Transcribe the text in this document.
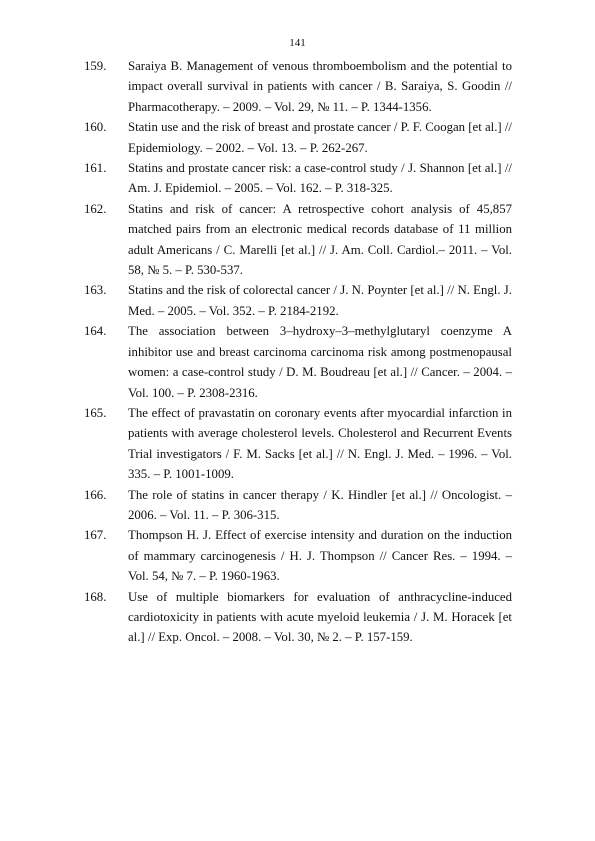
141
159.	Saraiya B. Management of venous thromboembolism and the potential to impact overall survival in patients with cancer / B. Saraiya, S. Goodin // Pharmacotherapy. – 2009. – Vol. 29, № 11. – P. 1344-1356.
160.	Statin use and the risk of breast and prostate cancer / P. F. Coogan [et al.] // Epidemiology. – 2002. – Vol. 13. – P. 262-267.
161.	Statins and prostate cancer risk: a case-control study / J. Shannon [et al.] // Am. J. Epidemiol. – 2005. – Vol. 162. – P. 318-325.
162.	Statins and risk of cancer: A retrospective cohort analysis of 45,857 matched pairs from an electronic medical records database of 11 million adult Americans / C. Marelli [et al.] // J. Am. Coll. Cardiol.– 2011. – Vol. 58, № 5. – P. 530-537.
163.	Statins and the risk of colorectal cancer / J. N. Poynter [et al.] // N. Engl. J. Med. – 2005. – Vol. 352. – P. 2184-2192.
164.	The association between 3–hydroxy–3–methylglutaryl coenzyme A inhibitor use and breast carcinoma carcinoma risk among postmenopausal women: a case-control study / D. M. Boudreau [et al.] // Cancer. – 2004. – Vol. 100. – P. 2308-2316.
165.	The effect of pravastatin on coronary events after myocardial infarction in patients with average cholesterol levels. Cholesterol and Recurrent Events Trial investigators / F. M. Sacks [et al.] // N. Engl. J. Med. – 1996. – Vol. 335. – P. 1001-1009.
166.	The role of statins in cancer therapy / K. Hindler [et al.] // Oncologist. – 2006. – Vol. 11. – P. 306-315.
167.	Thompson H. J. Effect of exercise intensity and duration on the induction of mammary carcinogenesis / H. J. Thompson // Cancer Res. – 1994. – Vol. 54, № 7. – P. 1960-1963.
168.	Use of multiple biomarkers for evaluation of anthracycline-induced cardiotoxicity in patients with acute myeloid leukemia / J. M. Horacek [et al.] // Exp. Oncol. – 2008. – Vol. 30, № 2. – P. 157-159.
